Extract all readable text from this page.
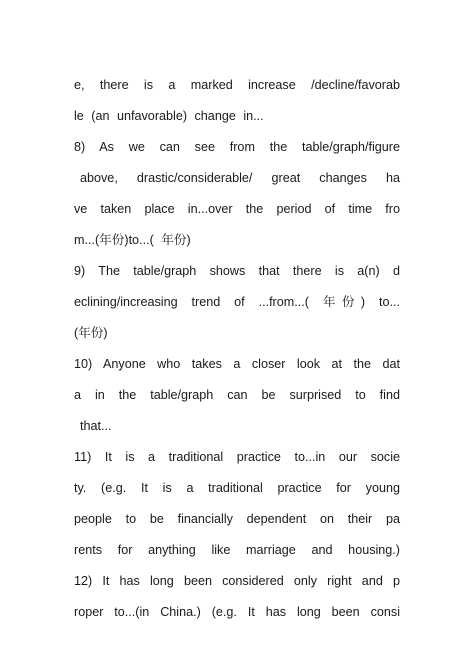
e, there is a marked increase /decline/favorab
le (an unfavorable) change in...
8) As we can see from the table/graph/figure
above, drastic/considerable/ great changes ha
ve taken place in...over the period of time fro
m...(年份)to...( 年份)
9) The table/graph shows that there is a(n) d
eclining/increasing trend of ...from...( 年份) to...
(年份)
10) Anyone who takes a closer look at the dat
a in the table/graph can be surprised to find
that...
11) It is a traditional practice to...in our socie
ty. (e.g. It is a traditional practice for young
people to be financially dependent on their pa
rents for anything like marriage and housing.)
12) It has long been considered only right and p
roper to...(in China.) (e.g. It has long been consi
